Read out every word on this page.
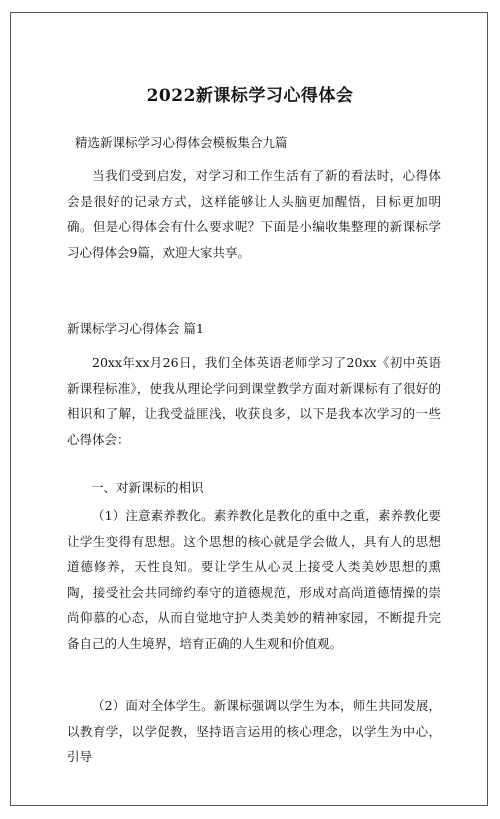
2022新课标学习心得体会
精选新课标学习心得体会模板集合九篇
当我们受到启发，对学习和工作生活有了新的看法时，心得体会是很好的记录方式，这样能够让人头脑更加醒悟，目标更加明确。但是心得体会有什么要求呢？下面是小编收集整理的新课标学习心得体会9篇，欢迎大家共享。
新课标学习心得体会 篇1
20xx年xx月26日，我们全体英语老师学习了20xx《初中英语新课程标准》，使我从理论学问到课堂教学方面对新课标有了很好的相识和了解，让我受益匪浅，收获良多，以下是我本次学习的一些心得体会：
一、对新课标的相识
（1）注意素养教化。素养教化是教化的重中之重，素养教化要让学生变得有思想。这个思想的核心就是学会做人，具有人的思想道德修养，天性良知。要让学生从心灵上接受人类美妙思想的熏陶，接受社会共同缔约奉守的道德规范，形成对高尚道德情操的崇尚仰慕的心态，从而自觉地守护人类美妙的精神家园，不断提升完备自己的人生境界，培育正确的人生观和价值观。
（2）面对全体学生。新课标强调以学生为本，师生共同发展，以教育学，以学促教，坚持语言运用的核心理念，以学生为中心，引导
